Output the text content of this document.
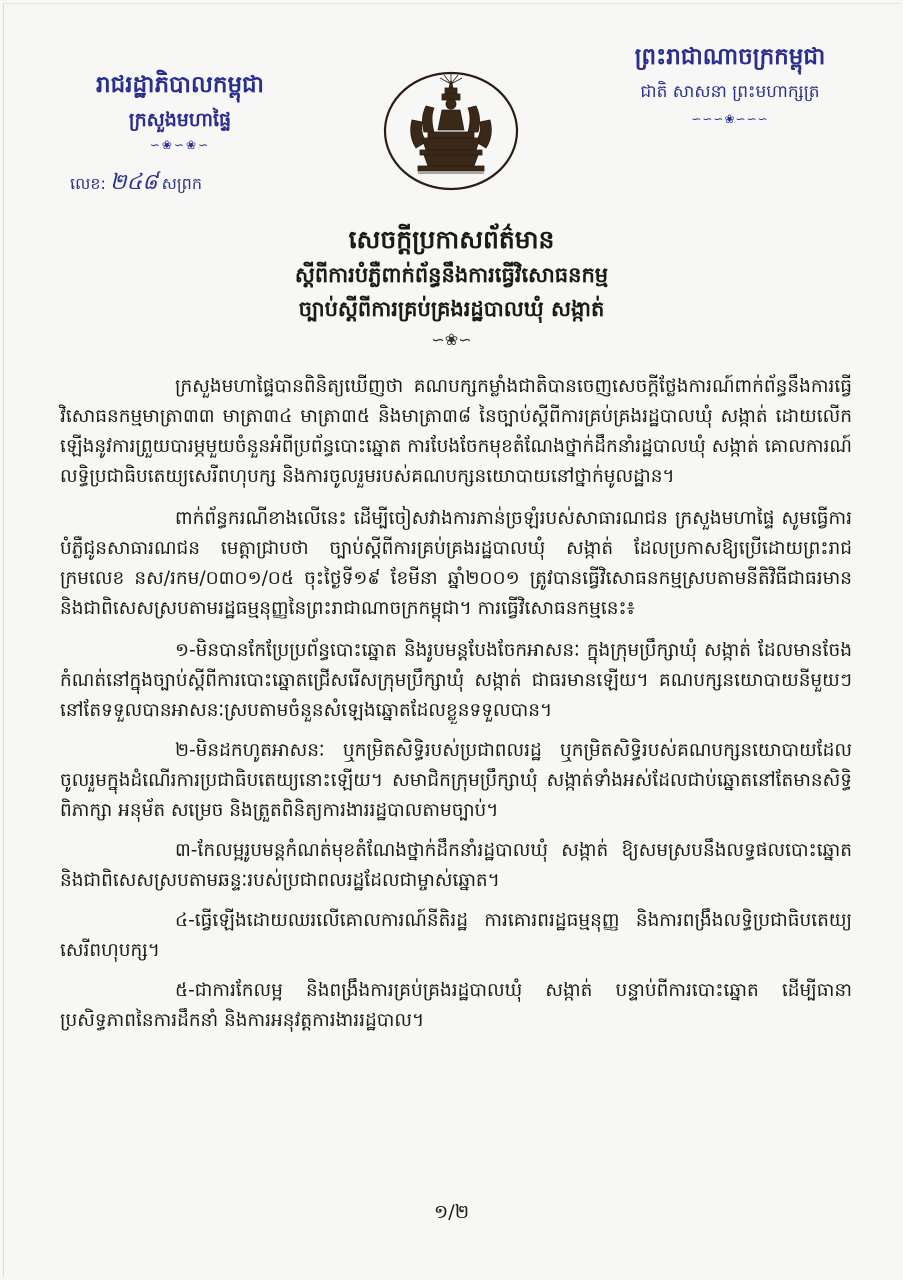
រាជរដ្ឋាភិបាលកម្ពុជា
ក្រសួងមហាផ្ទៃ
∽❀∽❀∽
លេខ: ២៤៨ សព្រក
ព្រះរាជាណាចក្រកម្ពុជា
ជាតិ សាសនា ព្រះមហាក្សត្រ
∽∽∽❀∽∽∽
សេចក្ដីប្រកាសព័ត៌មាន
ស្ដីពីការបំភ្លឺពាក់ព័ន្ធនឹងការធ្វើវិសោធនកម្ម
ច្បាប់ស្ដីពីការគ្រប់គ្រងរដ្ឋបាលឃុំ សង្កាត់
∽❀∽

ក្រសួងមហាផ្ទៃបានពិនិត្យឃើញថា គណបក្សកម្លាំងជាតិបានចេញសេចក្ដីថ្លែងការណ៍ពាក់ព័ន្ធនឹងការធ្វើវិសោធនកម្មមាត្រា៣៣ មាត្រា៣៤ មាត្រា៣៥ និងមាត្រា៣៨ នៃច្បាប់ស្ដីពីការគ្រប់គ្រងរដ្ឋបាលឃុំ សង្កាត់ ដោយលើកឡើងនូវការព្រួយបារម្ភមួយចំនួនអំពីប្រព័ន្ធបោះឆ្នោត ការបែងចែកមុខតំណែងថ្នាក់ដឹកនាំរដ្ឋបាលឃុំ សង្កាត់ គោលការណ៍លទ្ធិប្រជាធិបតេយ្យសេរីពហុបក្ស និងការចូលរួមរបស់គណបក្សនយោបាយនៅថ្នាក់មូលដ្ឋាន។

ពាក់ព័ន្ធករណីខាងលើនេះ ដើម្បីចៀសវាងការភាន់ច្រឡំរបស់សាធារណជន ក្រសួងមហាផ្ទៃ សូមធ្វើការបំភ្លឺជូនសាធារណជន មេត្តាជ្រាបថា ច្បាប់ស្ដីពីការគ្រប់គ្រងរដ្ឋបាលឃុំ សង្កាត់ ដែលប្រកាសឱ្យប្រើដោយព្រះរាជក្រមលេខ នស/រកម/០៣០១/០៥ ចុះថ្ងៃទី១៩ ខែមីនា ឆ្នាំ២០០១ ត្រូវបានធ្វើវិសោធនកម្មស្របតាមនីតិវិធីជាធរមាន និងជាពិសេសស្របតាមរដ្ឋធម្មនុញ្ញនៃព្រះរាជាណាចក្រកម្ពុជា។ ការធ្វើវិសោធនកម្មនេះ៖

១-មិនបានកែប្រែប្រព័ន្ធបោះឆ្នោត និងរូបមន្តបែងចែកអាសនៈ ក្នុងក្រុមប្រឹក្សាឃុំ សង្កាត់ ដែលមានចែងកំណត់នៅក្នុងច្បាប់ស្ដីពីការបោះឆ្នោតជ្រើសរើសក្រុមប្រឹក្សាឃុំ សង្កាត់ ជាធរមានឡើយ។ គណបក្សនយោបាយនីមួយៗនៅតែទទួលបានអាសនៈស្របតាមចំនួនសំឡេងឆ្នោតដែលខ្លួនទទួលបាន។

២-មិនដកហូតអាសនៈ ឬកម្រិតសិទ្ធិរបស់ប្រជាពលរដ្ឋ ឬកម្រិតសិទ្ធិរបស់គណបក្សនយោបាយដែលចូលរួមក្នុងដំណើរការប្រជាធិបតេយ្យនោះឡើយ។ សមាជិកក្រុមប្រឹក្សាឃុំ សង្កាត់ទាំងអស់ដែលជាប់ឆ្នោតនៅតែមានសិទ្ធិពិភាក្សា អនុម័ត សម្រេច និងត្រួតពិនិត្យការងាររដ្ឋបាលតាមច្បាប់។

៣-កែលម្អរូបមន្តកំណត់មុខតំណែងថ្នាក់ដឹកនាំរដ្ឋបាលឃុំ សង្កាត់ ឱ្យសមស្របនឹងលទ្ធផលបោះឆ្នោត និងជាពិសេសស្របតាមឆន្ទៈរបស់ប្រជាពលរដ្ឋដែលជាម្ចាស់ឆ្នោត។

៤-ធ្វើឡើងដោយឈរលើគោលការណ៍នីតិរដ្ឋ ការគោរពរដ្ឋធម្មនុញ្ញ និងការពង្រឹងលទ្ធិប្រជាធិបតេយ្យសេរីពហុបក្ស។

៥-ជាការកែលម្អ និងពង្រឹងការគ្រប់គ្រងរដ្ឋបាលឃុំ សង្កាត់ បន្ទាប់ពីការបោះឆ្នោត ដើម្បីធានាប្រសិទ្ធភាពនៃការដឹកនាំ និងការអនុវត្តការងាររដ្ឋបាល។

១/២
